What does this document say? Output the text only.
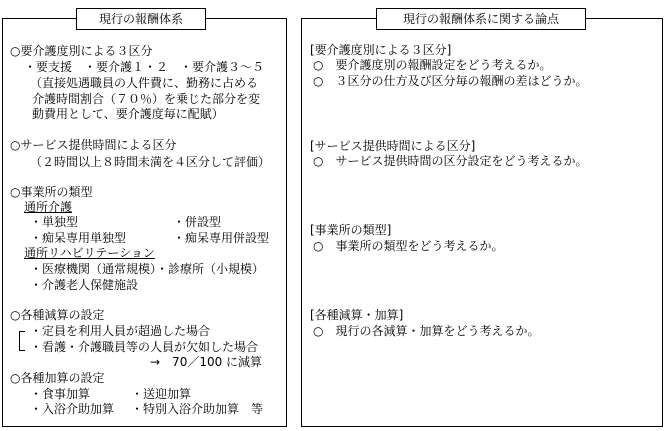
現行の報酬体系
○要介護度別による３区分
・要支援　・要介護１・２　・要介護３～５
（直接処遇職員の人件費に、勤務に占める
介護時間割合（７０％）を乗じた部分を変
動費用として、要介護度毎に配賦）
○サービス提供時間による区分
（２時間以上８時間未満を４区分して評価）
○事業所の類型
通所介護
・単独型	・併設型
・痴呆専用単独型	・痴呆専用併設型
通所リハビリテーション
・医療機関（通常規模）・診療所（小規模）
・介護老人保健施設
○各種減算の設定
・定員を利用人員が超過した場合
・看護・介護職員等の人員が欠如した場合
→　70／100 に減算
○各種加算の設定
・食事加算	・送迎加算
・入浴介助加算 ・特別入浴介助加算　等
現行の報酬体系に関する論点
[要介護度別による３区分]
○　要介護度別の報酬設定をどう考えるか。
○　３区分の仕方及び区分毎の報酬の差はどうか。
[サービス提供時間による区分]
○　サービス提供時間の区分設定をどう考えるか。
[事業所の類型]
○　事業所の類型をどう考えるか。
[各種減算・加算]
○　現行の各減算・加算をどう考えるか。
